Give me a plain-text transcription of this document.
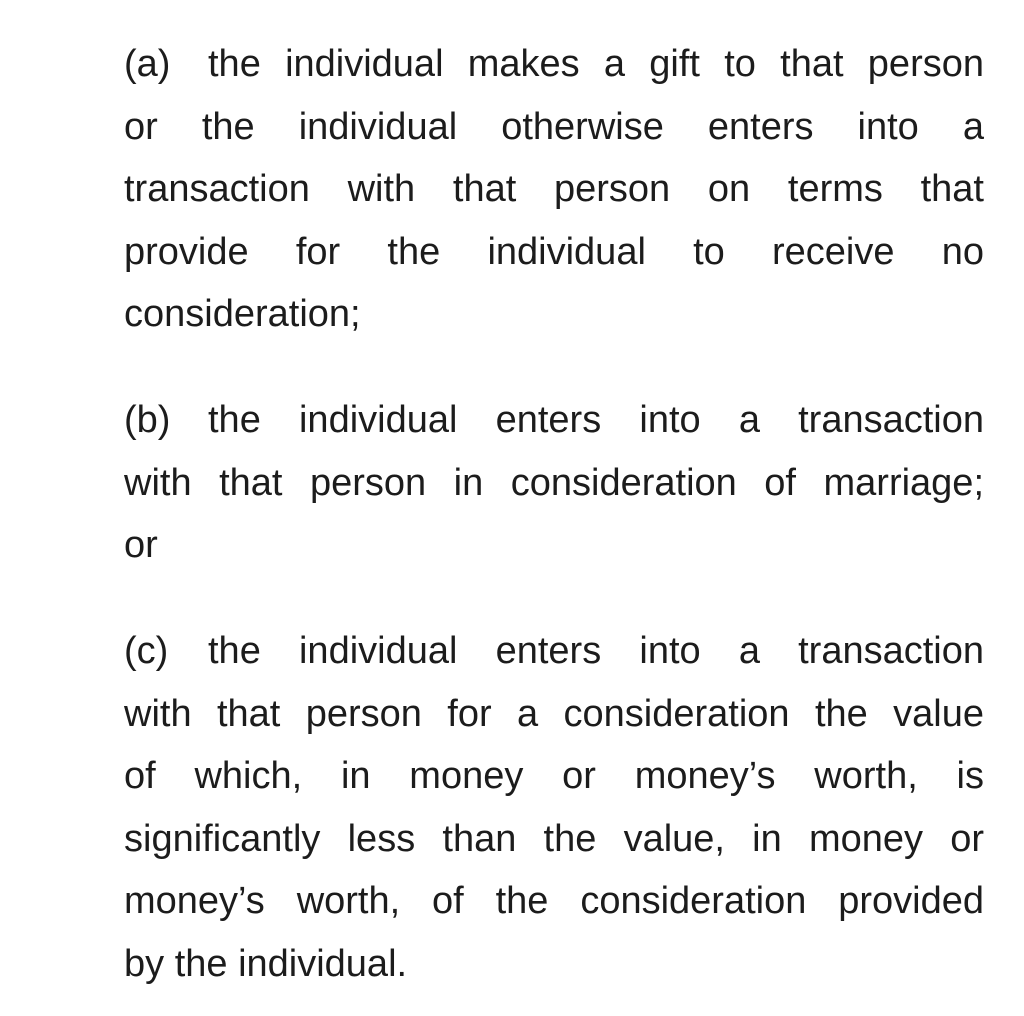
(a) the individual makes a gift to that person
or the individual otherwise enters into a
transaction with that person on terms that
provide for the individual to receive no
consideration;
(b) the individual enters into a transaction
with that person in consideration of marriage;
or
(c) the individual enters into a transaction
with that person for a consideration the value
of which, in money or money’s worth, is
significantly less than the value, in money or
money’s worth, of the consideration provided
by the individual.
